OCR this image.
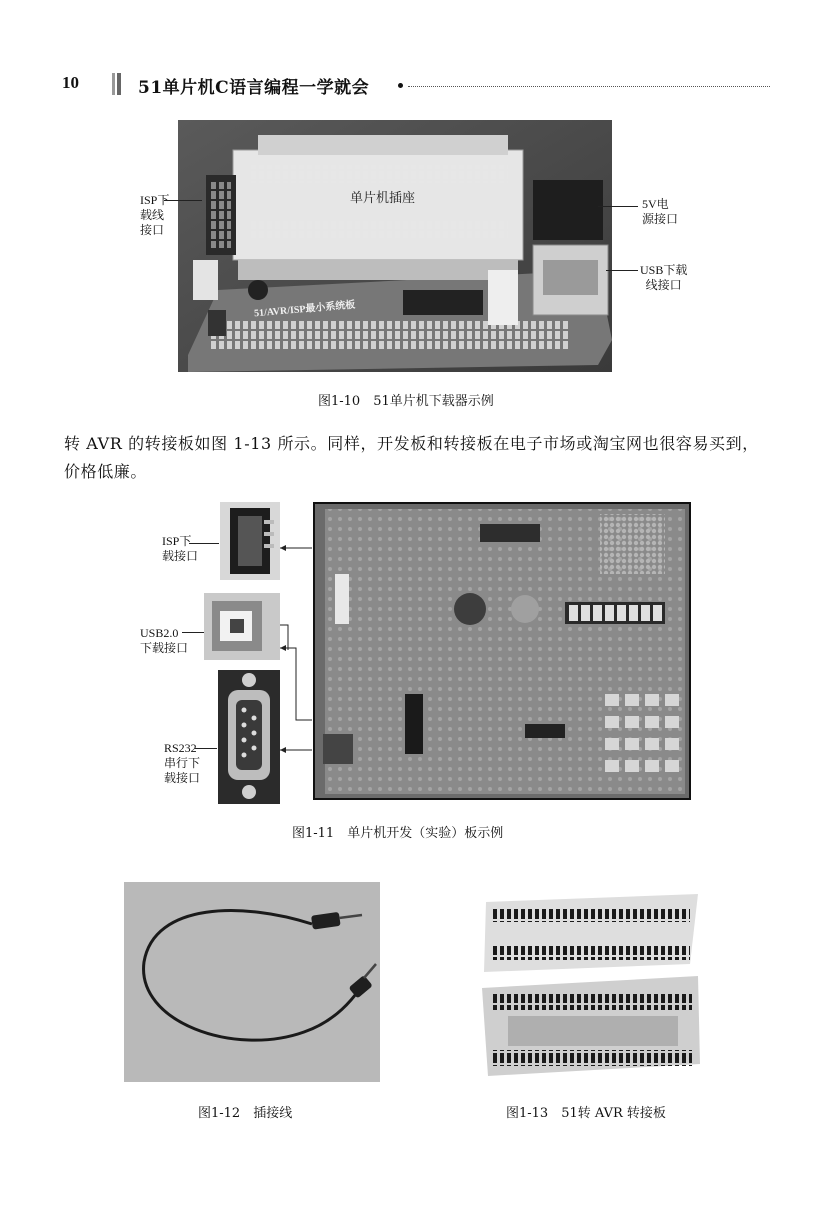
10	51单片机C语言编程一学就会
ISP下
载线
接口
单片机插座
51/AVR/ISP最小系统板
5V电
源接口
USB下载
线接口
图1-10　51单片机下载器示例
转 AVR 的转接板如图 1-13 所示。同样，开发板和转接板在电子市场或淘宝网也很容易买到，价格低廉。
ISP下
载接口
USB2.0
下载接口
RS232
串行下
载接口
图1-11　单片机开发（实验）板示例
图1-12　插接线	图1-13　51转 AVR 转接板
